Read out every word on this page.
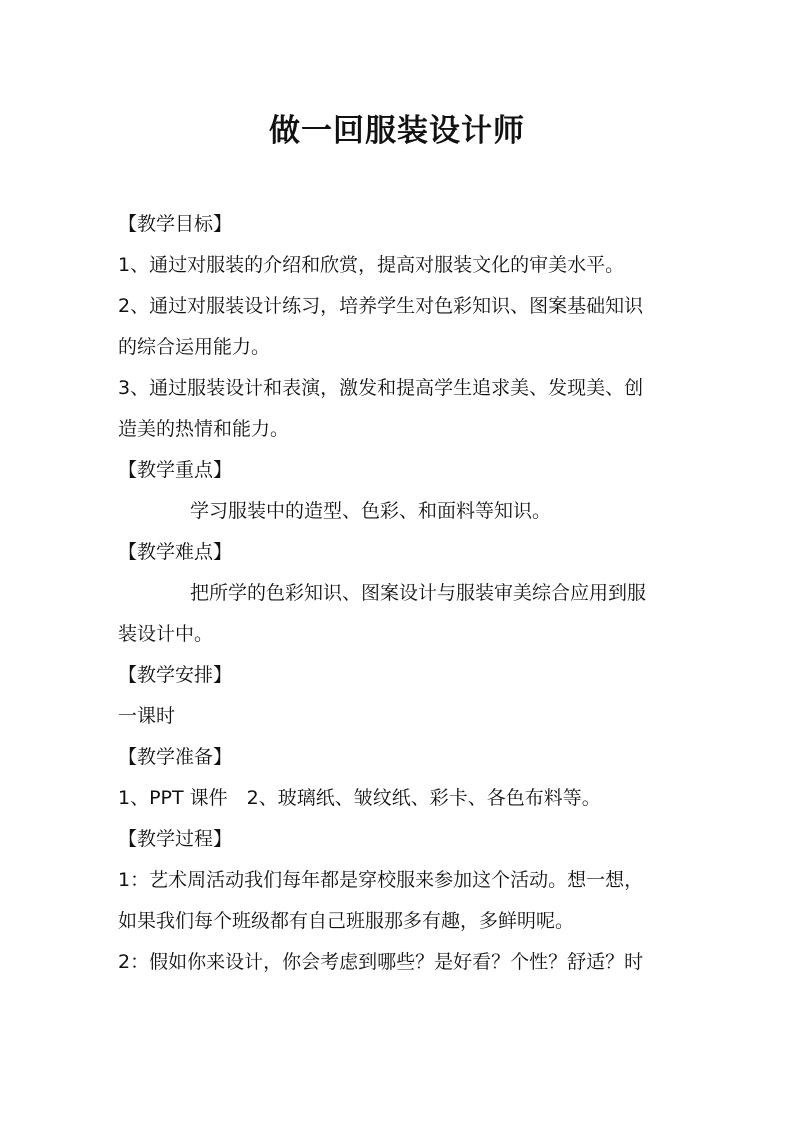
做一回服装设计师
【教学目标】
1、通过对服装的介绍和欣赏，提高对服装文化的审美水平。
2、通过对服装设计练习，培养学生对色彩知识、图案基础知识
的综合运用能力。
3、通过服装设计和表演，激发和提高学生追求美、发现美、创
造美的热情和能力。
【教学重点】
学习服装中的造型、色彩、和面料等知识。
【教学难点】
把所学的色彩知识、图案设计与服装审美综合应用到服
装设计中。
【教学安排】
一课时
【教学准备】
1、PPT 课件　2、玻璃纸、皱纹纸、彩卡、各色布料等。
【教学过程】
1：艺术周活动我们每年都是穿校服来参加这个活动。想一想，
如果我们每个班级都有自己班服那多有趣，多鲜明呢。
2：假如你来设计，你会考虑到哪些？是好看？个性？舒适？时
